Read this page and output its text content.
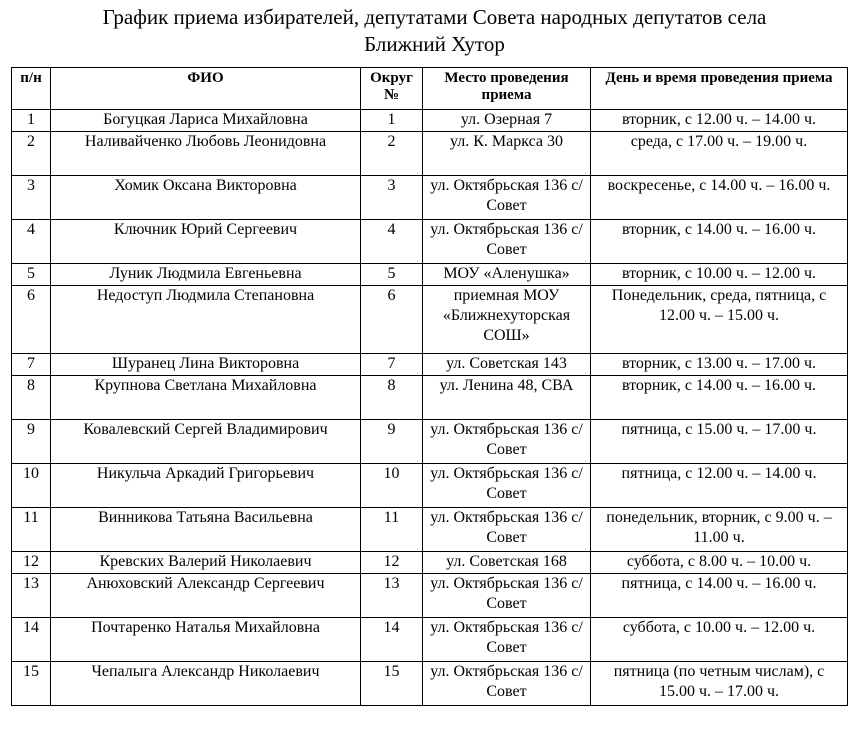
График приема избирателей, депутатами Совета народных депутатов села
Ближний Хутор
п/н	ФИО	Округ №	Место проведения приема	День и время проведения приема
1	Богуцкая Лариса Михайловна	1	ул. Озерная 7	вторник, с 12.00 ч. – 14.00 ч.
2	Наливайченко Любовь Леонидовна	2	ул. К. Маркса 30	среда, с 17.00 ч. – 19.00 ч.
3	Хомик Оксана Викторовна	3	ул. Октябрьская 136 с/Совет	воскресенье, с 14.00 ч. – 16.00 ч.
4	Ключник Юрий Сергеевич	4	ул. Октябрьская 136 с/Совет	вторник, с 14.00 ч. – 16.00 ч.
5	Луник Людмила Евгеньевна	5	МОУ «Аленушка»	вторник, с 10.00 ч. – 12.00 ч.
6	Недоступ Людмила Степановна	6	приемная МОУ «Ближнехуторская СОШ»	Понедельник, среда, пятница, с 12.00 ч. – 15.00 ч.
7	Шуранец Лина Викторовна	7	ул. Советская 143	вторник, с 13.00 ч. – 17.00 ч.
8	Крупнова Светлана Михайловна	8	ул. Ленина 48, СВА	вторник, с 14.00 ч. – 16.00 ч.
9	Ковалевский Сергей Владимирович	9	ул. Октябрьская 136 с/Совет	пятница, с 15.00 ч. – 17.00 ч.
10	Никульча Аркадий Григорьевич	10	ул. Октябрьская 136 с/Совет	пятница, с 12.00 ч. – 14.00 ч.
11	Винникова Татьяна Васильевна	11	ул. Октябрьская 136 с/Совет	понедельник, вторник, с 9.00 ч. – 11.00 ч.
12	Кревских Валерий Николаевич	12	ул. Советская 168	суббота, с 8.00 ч. – 10.00 ч.
13	Анюховский Александр Сергеевич	13	ул. Октябрьская 136 с/Совет	пятница, с 14.00 ч. – 16.00 ч.
14	Почтаренко Наталья Михайловна	14	ул. Октябрьская 136 с/Совет	суббота, с 10.00 ч. – 12.00 ч.
15	Чепалыга Александр Николаевич	15	ул. Октябрьская 136 с/Совет	пятница (по четным числам), с 15.00 ч. – 17.00 ч.
